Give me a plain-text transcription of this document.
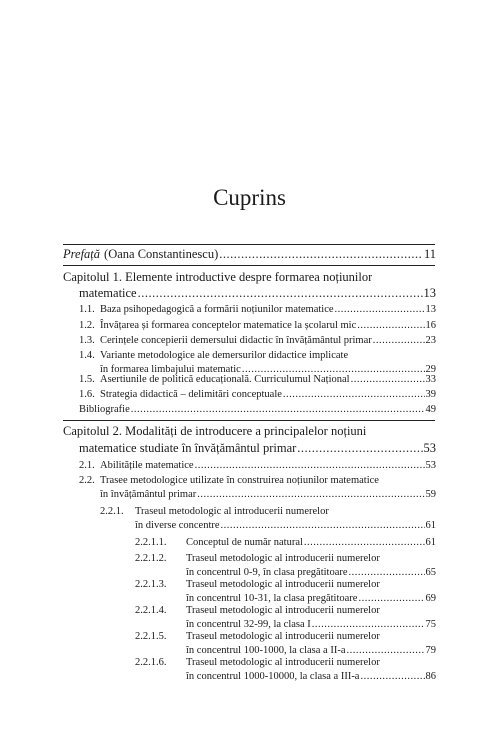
Cuprins
Prefață (Oana Constantinescu) .....	11
Capitolul 1. Elemente introductive despre formarea noțiunilor
matematice .....	13
1.1. Baza psihopedagogică a formării noțiunilor matematice .....	13
1.2. Învățarea și formarea conceptelor matematice la școlarul mic .....	16
1.3. Cerințele concepierii demersului didactic în învățământul primar .....	23
1.4. Variante metodologice ale demersurilor didactice implicate
în formarea limbajului matematic .....	29
1.5. Asertiunile de politică educațională. Curriculumul Național .....	33
1.6. Strategia didactică – delimitări conceptuale .....	39
Bibliografie .....	49
Capitolul 2. Modalități de introducere a principalelor noțiuni
matematice studiate în învățământul primar .....	53
2.1. Abilitățile matematice .....	53
2.2. Trasee metodologice utilizate în construirea noțiunilor matematice
în învățământul primar .....	59
2.2.1. Traseul metodologic al introducerii numerelor
în diverse concentre .....	61
2.2.1.1. Conceptul de număr natural .....	61
2.2.1.2. Traseul metodologic al introducerii numerelor
în concentrul 0-9, în clasa pregătitoare .....	65
2.2.1.3. Traseul metodologic al introducerii numerelor
în concentrul 10-31, la clasa pregătitoare .....	69
2.2.1.4. Traseul metodologic al introducerii numerelor
în concentrul 32-99, la clasa I .....	75
2.2.1.5. Traseul metodologic al introducerii numerelor
în concentrul 100-1000, la clasa a II-a .....	79
2.2.1.6. Traseul metodologic al introducerii numerelor
în concentrul 1000-10000, la clasa a III-a .....	86
